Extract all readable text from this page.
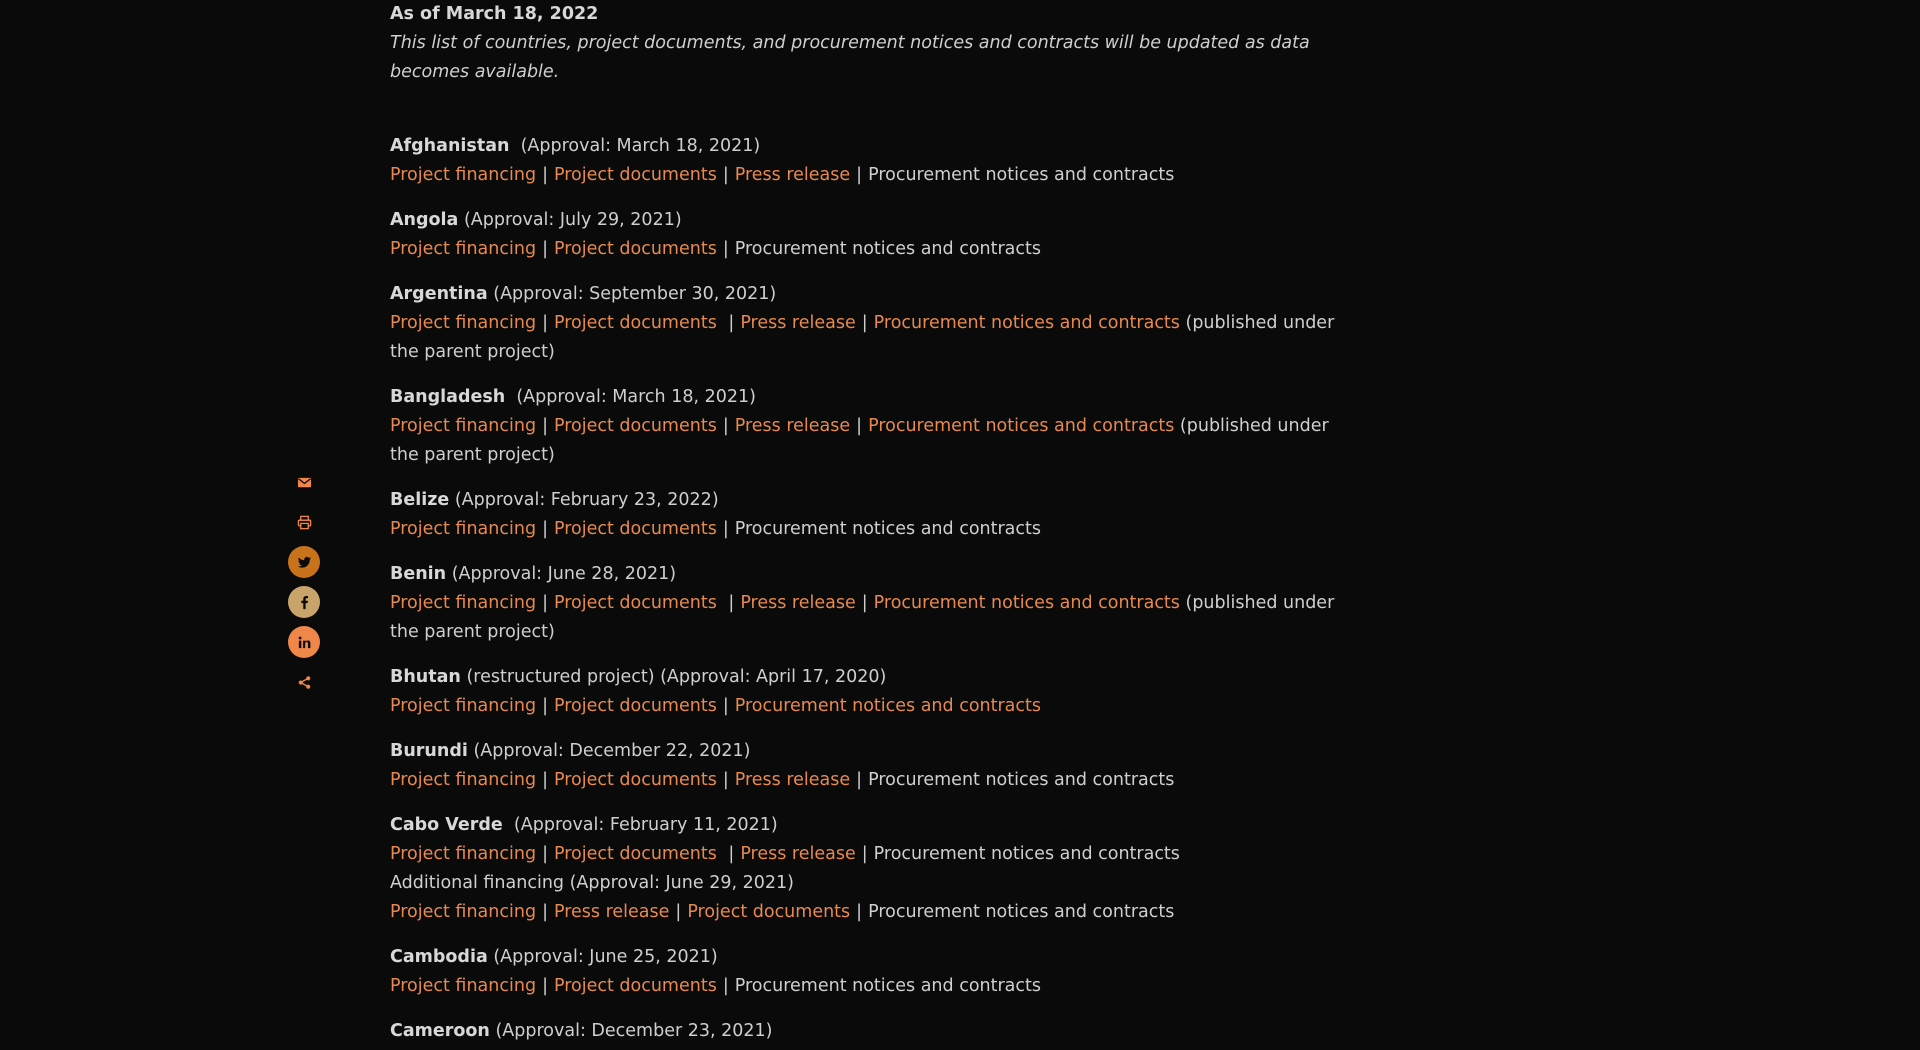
As of March 18, 2022

This list of countries, project documents, and procurement notices and contracts will be updated as data becomes available.

Afghanistan (Approval: March 18, 2021)

Project financing | Project documents | Press release | Procurement notices and contracts

Angola (Approval: July 29, 2021)

Project financing | Project documents | Procurement notices and contracts

Argentina (Approval: September 30, 2021)

Project financing | Project documents | Press release | Procurement notices and contracts (published under the parent project)

Bangladesh (Approval: March 18, 2021)

Project financing | Project documents | Press release | Procurement notices and contracts (published under the parent project)

Belize (Approval: February 23, 2022)

Project financing | Project documents | Procurement notices and contracts

Benin (Approval: June 28, 2021)

Project financing | Project documents | Press release | Procurement notices and contracts (published under the parent project)

Bhutan (restructured project) (Approval: April 17, 2020)

Project financing | Project documents | Procurement notices and contracts

Burundi (Approval: December 22, 2021)

Project financing | Project documents | Press release | Procurement notices and contracts

Cabo Verde (Approval: February 11, 2021)

Project financing | Project documents | Press release | Procurement notices and contracts

Additional financing (Approval: June 29, 2021)

Project financing | Press release | Project documents | Procurement notices and contracts

Cambodia (Approval: June 25, 2021)

Project financing | Project documents | Procurement notices and contracts

Cameroon (Approval: December 23, 2021)
